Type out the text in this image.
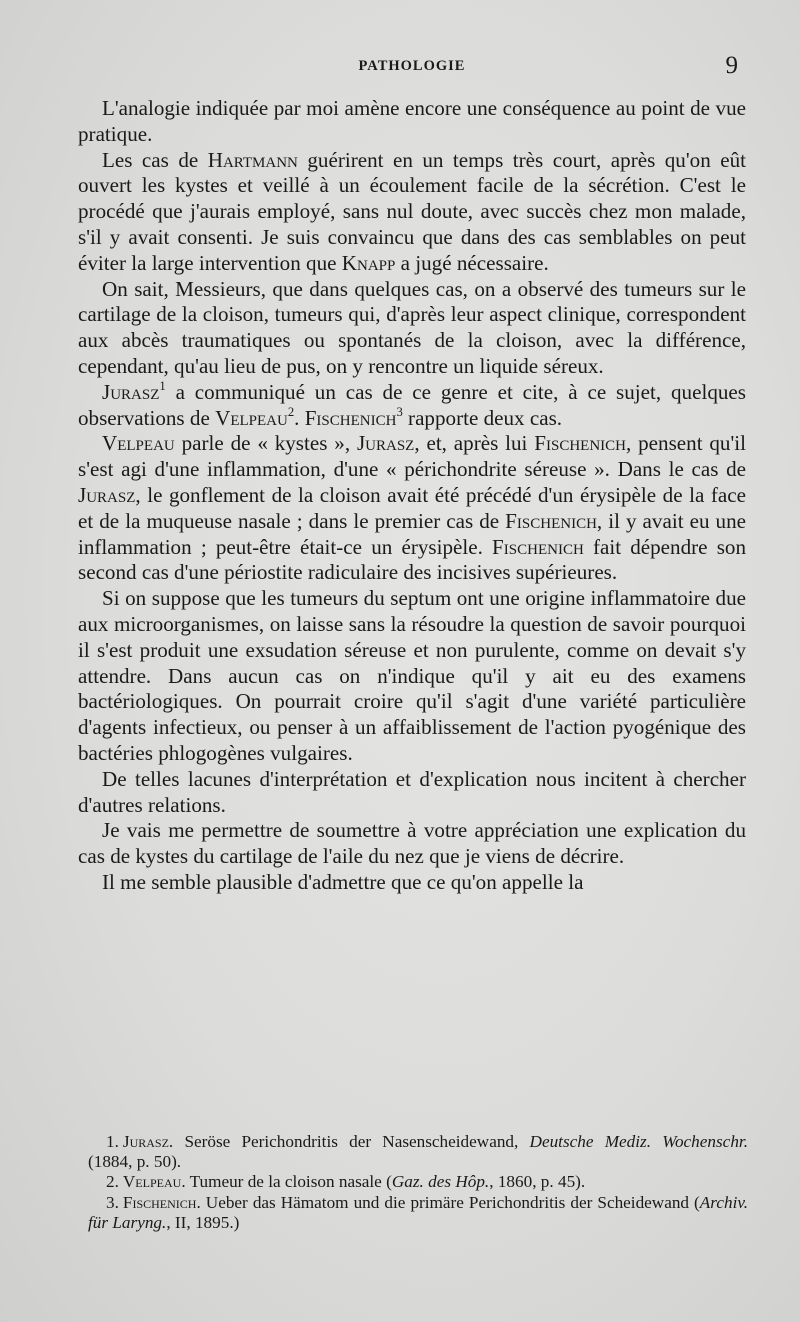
PATHOLOGIE	9

L'analogie indiquée par moi amène encore une conséquence au point de vue pratique.

Les cas de Hartmann guérirent en un temps très court, après qu'on eût ouvert les kystes et veillé à un écoulement facile de la sécrétion. C'est le procédé que j'aurais employé, sans nul doute, avec succès chez mon malade, s'il y avait consenti. Je suis convaincu que dans des cas semblables on peut éviter la large intervention que Knapp a jugé nécessaire.

On sait, Messieurs, que dans quelques cas, on a observé des tumeurs sur le cartilage de la cloison, tumeurs qui, d'après leur aspect clinique, correspondent aux abcès traumatiques ou spontanés de la cloison, avec la différence, cependant, qu'au lieu de pus, on y rencontre un liquide séreux.

Jurasz$^1$ a communiqué un cas de ce genre et cite, à ce sujet, quelques observations de Velpeau$^2$. Fischenich$^3$ rapporte deux cas.

Velpeau parle de « kystes », Jurasz, et, après lui Fischenich, pensent qu'il s'est agi d'une inflammation, d'une « périchondrite séreuse ». Dans le cas de Jurasz, le gonflement de la cloison avait été précédé d'un érysipèle de la face et de la muqueuse nasale ; dans le premier cas de Fischenich, il y avait eu une inflammation ; peut-être était-ce un érysipèle. Fischenich fait dépendre son second cas d'une périostite radiculaire des incisives supérieures.

Si on suppose que les tumeurs du septum ont une origine inflammatoire due aux microorganismes, on laisse sans la résoudre la question de savoir pourquoi il s'est produit une exsudation séreuse et non purulente, comme on devait s'y attendre. Dans aucun cas on n'indique qu'il y ait eu des examens bactériologiques. On pourrait croire qu'il s'agit d'une variété particulière d'agents infectieux, ou penser à un affaiblissement de l'action pyogénique des bactéries phlogogènes vulgaires.

De telles lacunes d'interprétation et d'explication nous incitent à chercher d'autres relations.

Je vais me permettre de soumettre à votre appréciation une explication du cas de kystes du cartilage de l'aile du nez que je viens de décrire.

Il me semble plausible d'admettre que ce qu'on appelle la

1. Jurasz. Seröse Perichondritis der Nasenscheidewand, Deutsche Mediz. Wochenschr. (1884, p. 50).

2. Velpeau. Tumeur de la cloison nasale (Gaz. des Hôp., 1860, p. 45).

3. Fischenich. Ueber das Hämatom und die primäre Perichondritis der Scheidewand (Archiv. für Laryng., II, 1895.)
